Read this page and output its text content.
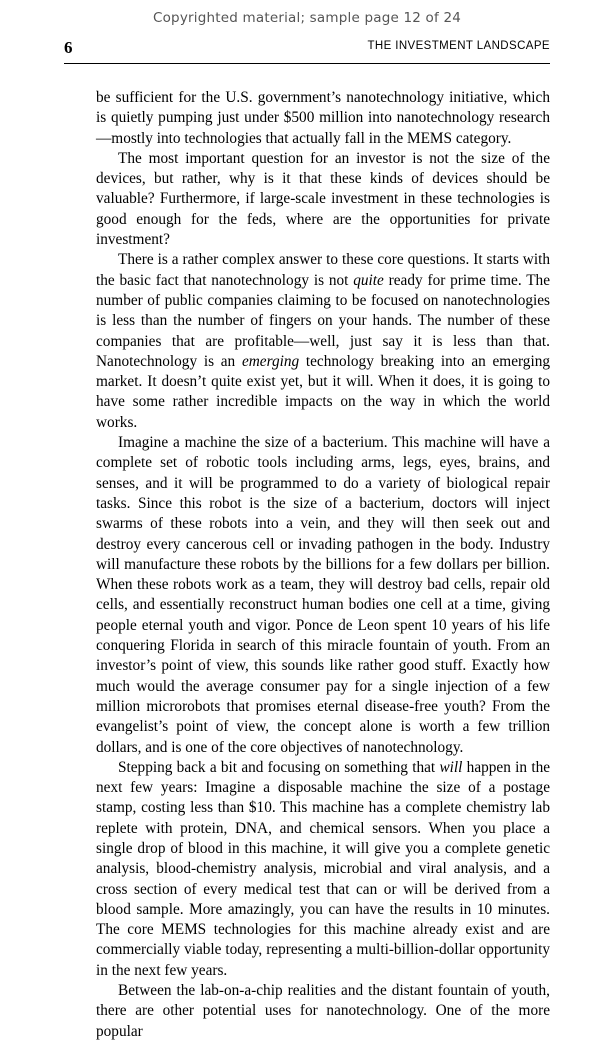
Copyrighted material; sample page 12 of 24
6	THE INVESTMENT LANDSCAPE

be sufficient for the U.S. government’s nanotechnology initiative, which is quietly pumping just under $500 million into nanotechnology research—mostly into technologies that actually fall in the MEMS category.

The most important question for an investor is not the size of the devices, but rather, why is it that these kinds of devices should be valuable? Furthermore, if large-scale investment in these technologies is good enough for the feds, where are the opportunities for private investment?

There is a rather complex answer to these core questions. It starts with the basic fact that nanotechnology is not quite ready for prime time. The number of public companies claiming to be focused on nanotechnologies is less than the number of fingers on your hands. The number of these companies that are profitable—well, just say it is less than that. Nanotechnology is an emerging technology breaking into an emerging market. It doesn’t quite exist yet, but it will. When it does, it is going to have some rather incredible impacts on the way in which the world works.

Imagine a machine the size of a bacterium. This machine will have a complete set of robotic tools including arms, legs, eyes, brains, and senses, and it will be programmed to do a variety of biological repair tasks. Since this robot is the size of a bacterium, doctors will inject swarms of these robots into a vein, and they will then seek out and destroy every cancerous cell or invading pathogen in the body. Industry will manufacture these robots by the billions for a few dollars per billion. When these robots work as a team, they will destroy bad cells, repair old cells, and essentially reconstruct human bodies one cell at a time, giving people eternal youth and vigor. Ponce de Leon spent 10 years of his life conquering Florida in search of this miracle fountain of youth. From an investor’s point of view, this sounds like rather good stuff. Exactly how much would the average consumer pay for a single injection of a few million microrobots that promises eternal disease-free youth? From the evangelist’s point of view, the concept alone is worth a few trillion dollars, and is one of the core objectives of nanotechnology.

Stepping back a bit and focusing on something that will happen in the next few years: Imagine a disposable machine the size of a postage stamp, costing less than $10. This machine has a complete chemistry lab replete with protein, DNA, and chemical sensors. When you place a single drop of blood in this machine, it will give you a complete genetic analysis, blood-chemistry analysis, microbial and viral analysis, and a cross section of every medical test that can or will be derived from a blood sample. More amazingly, you can have the results in 10 minutes. The core MEMS technologies for this machine already exist and are commercially viable today, representing a multi-billion-dollar opportunity in the next few years.

Between the lab-on-a-chip realities and the distant fountain of youth, there are other potential uses for nanotechnology. One of the more popular
